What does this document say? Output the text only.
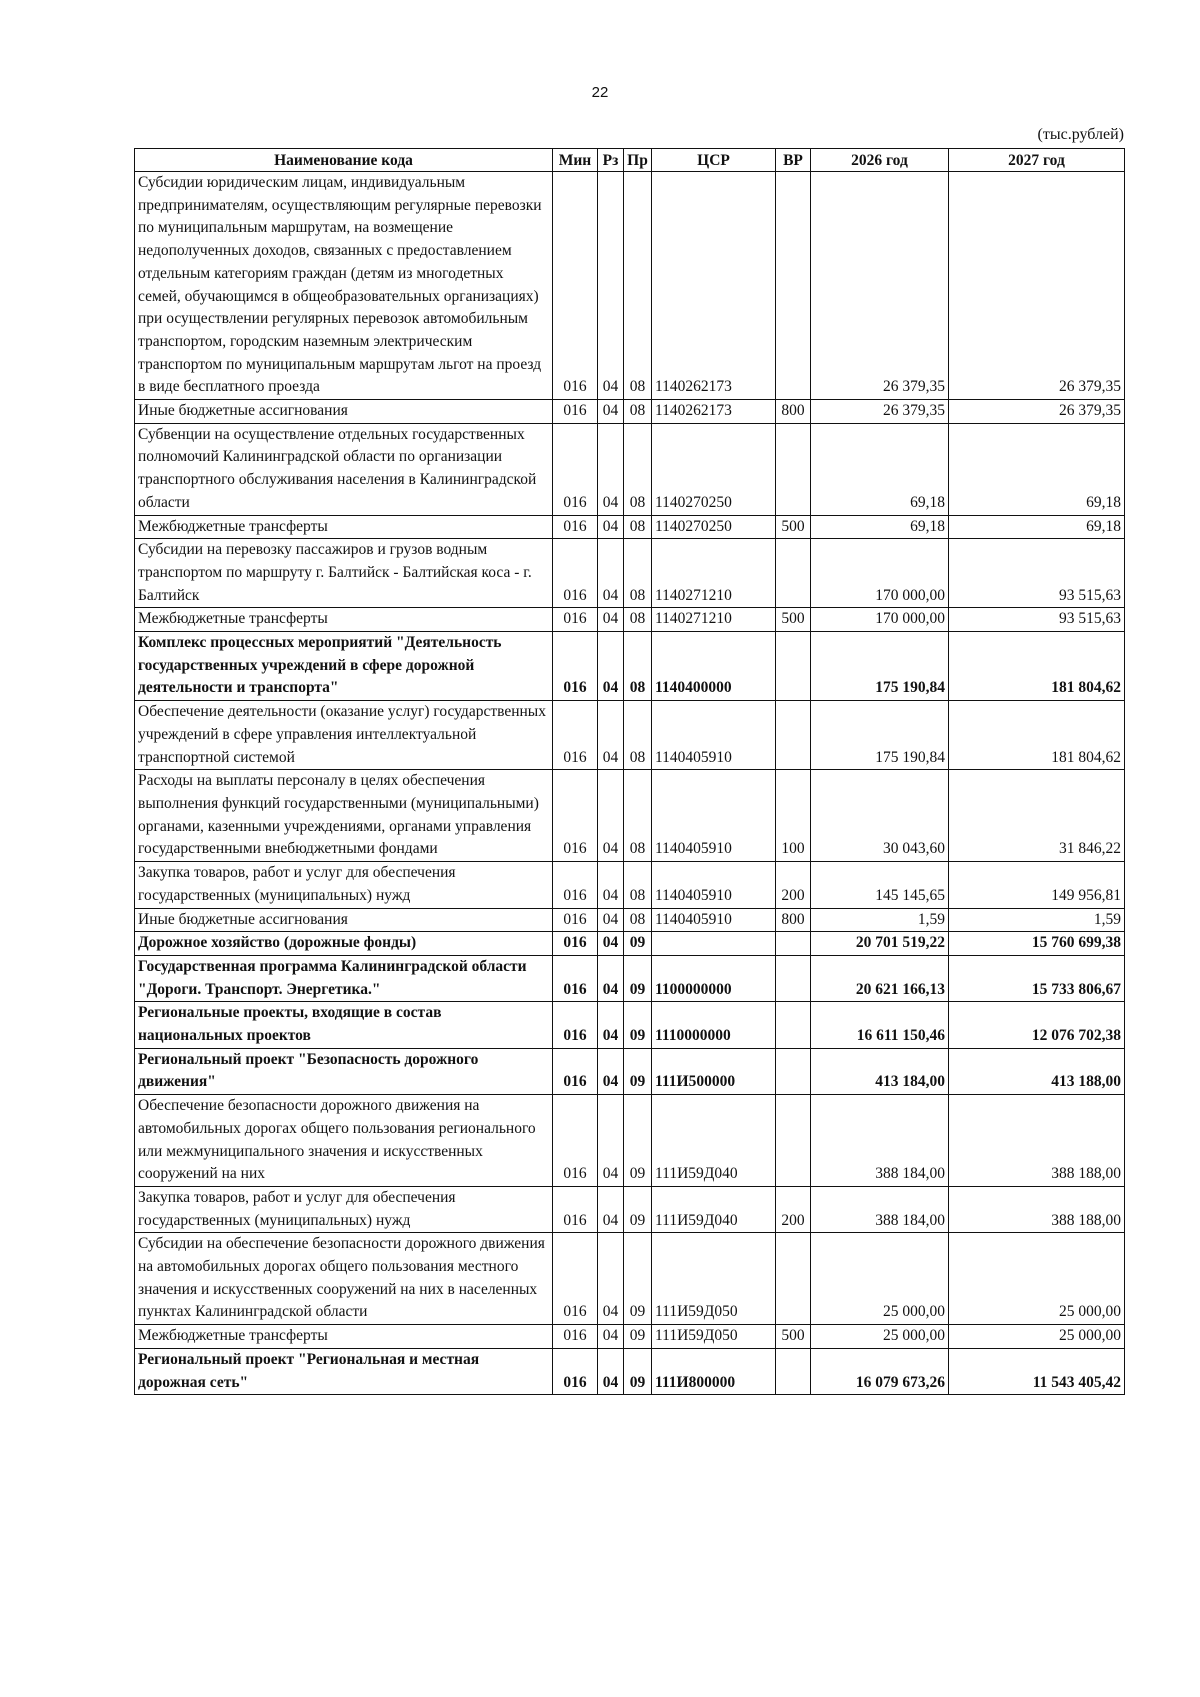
22
(тыс.рублей)
Наименование кода	Мин	Рз	Пр	ЦСР	ВР	2026 год	2027 год
Субсидии юридическим лицам, индивидуальным предпринимателям, осуществляющим регулярные перевозки по муниципальным маршрутам, на возмещение недополученных доходов, связанных с предоставлением отдельным категориям граждан (детям из многодетных семей, обучающимся в общеобразовательных организациях) при осуществлении регулярных перевозок автомобильным транспортом, городским наземным электрическим транспортом по муниципальным маршрутам льгот на проезд в виде бесплатного проезда	016	04	08	1140262173		26 379,35	26 379,35
Иные бюджетные ассигнования	016	04	08	1140262173	800	26 379,35	26 379,35
Субвенции на осуществление отдельных государственных полномочий Калининградской области по организации транспортного обслуживания населения в Калининградской области	016	04	08	1140270250		69,18	69,18
Межбюджетные трансферты	016	04	08	1140270250	500	69,18	69,18
Субсидии на перевозку пассажиров и грузов водным транспортом по маршруту г. Балтийск - Балтийская коса - г. Балтийск	016	04	08	1140271210		170 000,00	93 515,63
Межбюджетные трансферты	016	04	08	1140271210	500	170 000,00	93 515,63
Комплекс процессных мероприятий "Деятельность государственных учреждений в сфере дорожной деятельности и транспорта"	016	04	08	1140400000		175 190,84	181 804,62
Обеспечение деятельности (оказание услуг) государственных учреждений в сфере управления интеллектуальной транспортной системой	016	04	08	1140405910		175 190,84	181 804,62
Расходы на выплаты персоналу в целях обеспечения выполнения функций государственными (муниципальными) органами, казенными учреждениями, органами управления государственными внебюджетными фондами	016	04	08	1140405910	100	30 043,60	31 846,22
Закупка товаров, работ и услуг для обеспечения государственных (муниципальных) нужд	016	04	08	1140405910	200	145 145,65	149 956,81
Иные бюджетные ассигнования	016	04	08	1140405910	800	1,59	1,59
Дорожное хозяйство (дорожные фонды)	016	04	09			20 701 519,22	15 760 699,38
Государственная программа Калининградской области "Дороги. Транспорт. Энергетика."	016	04	09	1100000000		20 621 166,13	15 733 806,67
Региональные проекты, входящие в состав национальных проектов	016	04	09	1110000000		16 611 150,46	12 076 702,38
Региональный проект "Безопасность дорожного движения"	016	04	09	111И500000		413 184,00	413 188,00
Обеспечение безопасности дорожного движения на автомобильных дорогах общего пользования регионального или межмуниципального значения и искусственных сооружений на них	016	04	09	111И59Д040		388 184,00	388 188,00
Закупка товаров, работ и услуг для обеспечения государственных (муниципальных) нужд	016	04	09	111И59Д040	200	388 184,00	388 188,00
Субсидии на обеспечение безопасности дорожного движения на автомобильных дорогах общего пользования местного значения и искусственных сооружений на них в населенных пунктах Калининградской области	016	04	09	111И59Д050		25 000,00	25 000,00
Межбюджетные трансферты	016	04	09	111И59Д050	500	25 000,00	25 000,00
Региональный проект "Региональная и местная дорожная сеть"	016	04	09	111И800000		16 079 673,26	11 543 405,42
